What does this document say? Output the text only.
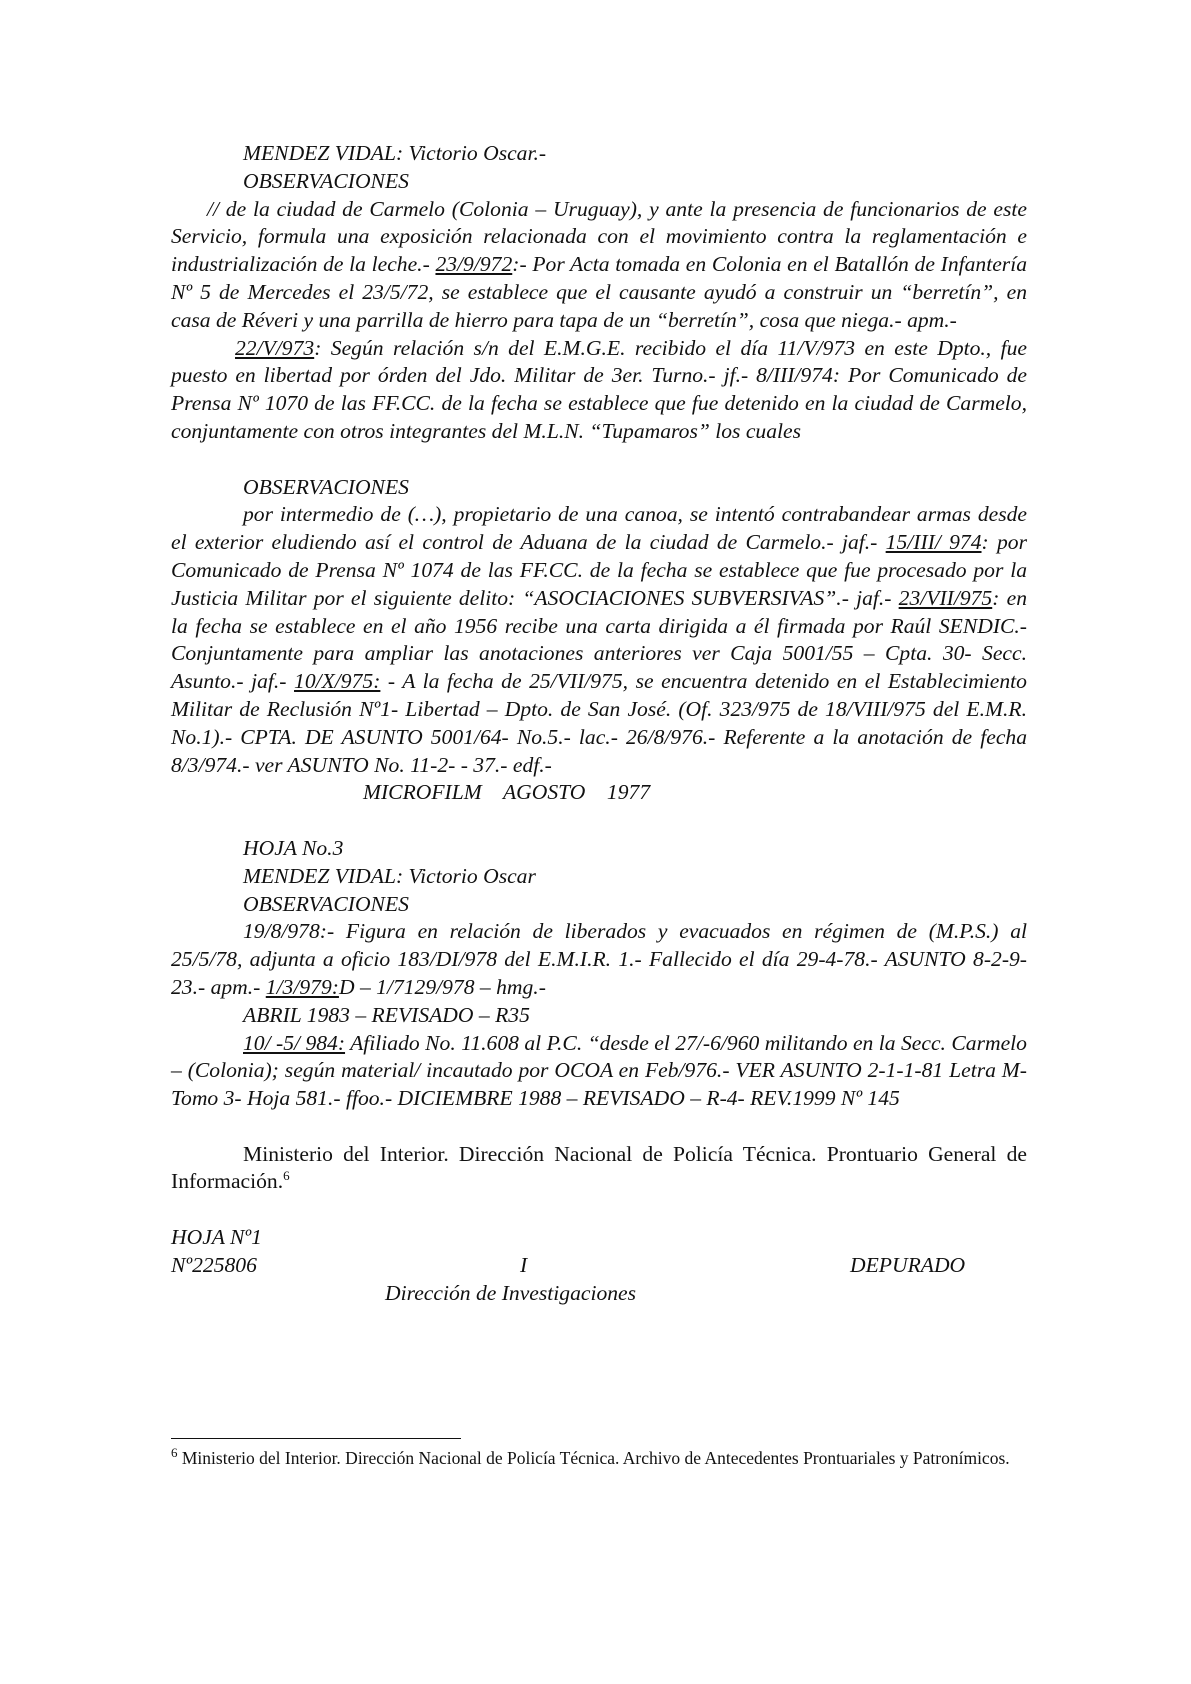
MENDEZ VIDAL: Victorio Oscar.-
OBSERVACIONES
// de la ciudad de Carmelo (Colonia – Uruguay), y ante la presencia de funcionarios de este Servicio, formula una exposición relacionada con el movimiento contra la reglamentación e industrialización de la leche.- 23/9/972:- Por Acta tomada en Colonia en el Batallón de Infantería Nº 5 de Mercedes el 23/5/72, se establece que el causante ayudó a construir un “berretín”, en casa de Réveri y una parrilla de hierro para tapa de un “berretín”, cosa que niega.- apm.-
22/V/973: Según relación s/n del E.M.G.E. recibido el día 11/V/973 en este Dpto., fue puesto en libertad por órden del Jdo. Militar de 3er. Turno.- jf.- 8/III/974: Por Comunicado de Prensa Nº 1070 de las FF.CC. de la fecha se establece que fue detenido en la ciudad de Carmelo, conjuntamente con otros integrantes del M.L.N. “Tupamaros” los cuales
OBSERVACIONES
por intermedio de (…), propietario de una canoa, se intentó contrabandear armas desde el exterior eludiendo así el control de Aduana de la ciudad de Carmelo.- jaf.- 15/III/ 974: por Comunicado de Prensa Nº 1074 de las FF.CC. de la fecha se establece que fue procesado por la Justicia Militar por el siguiente delito: “ASOCIACIONES SUBVERSIVAS”.- jaf.- 23/VII/975: en la fecha se establece en el año 1956 recibe una carta dirigida a él firmada por Raúl SENDIC.- Conjuntamente para ampliar las anotaciones anteriores ver Caja 5001/55 – Cpta. 30- Secc. Asunto.- jaf.- 10/X/975: - A la fecha de 25/VII/975, se encuentra detenido en el Establecimiento Militar de Reclusión Nº1- Libertad – Dpto. de San José. (Of. 323/975 de 18/VIII/975 del E.M.R. No.1).- CPTA. DE ASUNTO 5001/64- No.5.- lac.- 26/8/976.- Referente a la anotación de fecha 8/3/974.- ver ASUNTO No. 11-2- - 37.- edf.-
MICROFILM    AGOSTO    1977
HOJA No.3
MENDEZ VIDAL: Victorio Oscar
OBSERVACIONES
19/8/978:- Figura en relación de liberados y evacuados en régimen de (M.P.S.) al 25/5/78, adjunta a oficio 183/DI/978 del E.M.I.R. 1.- Fallecido el día 29-4-78.- ASUNTO 8-2-9-23.- apm.- 1/3/979:D – 1/7129/978 – hmg.-
ABRIL 1983 – REVISADO – R35
10/ -5/ 984: Afiliado No. 11.608 al P.C. “desde el 27/-6/960 militando en la Secc. Carmelo – (Colonia); según material/ incautado por OCOA en Feb/976.- VER ASUNTO 2-1-1-81 Letra M- Tomo 3- Hoja 581.- ffoo.- DICIEMBRE 1988 – REVISADO – R-4- REV.1999 Nº 145
Ministerio del Interior. Dirección Nacional de Policía Técnica. Prontuario General de Información.$^6$
HOJA Nº1
Nº225806	I	DEPURADO
Dirección de Investigaciones
$^6$ Ministerio del Interior. Dirección Nacional de Policía Técnica. Archivo de Antecedentes Prontuariales y Patronímicos.
